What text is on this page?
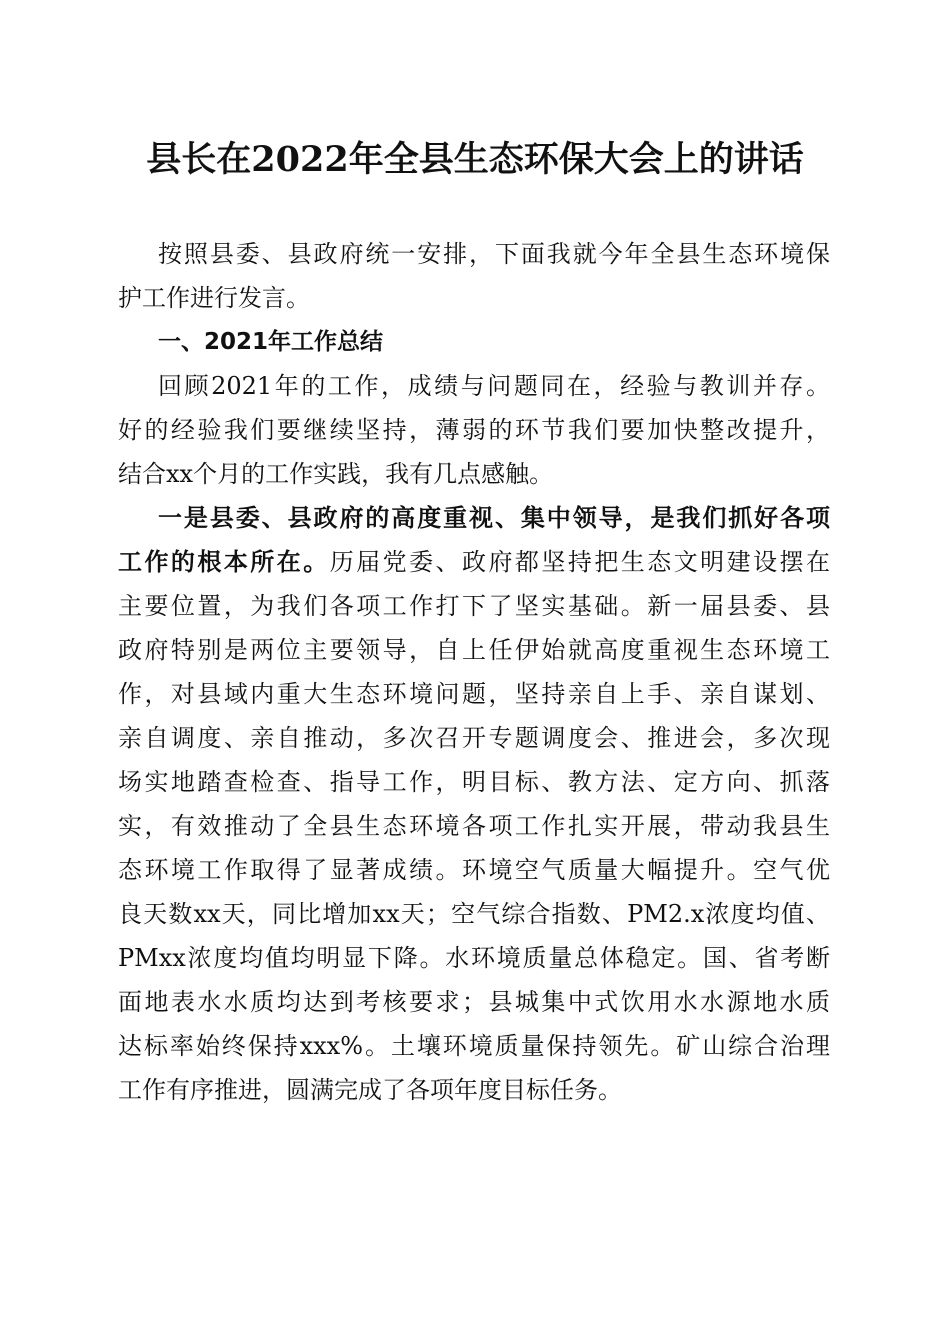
县长在2022年全县生态环保大会上的讲话
按照县委、县政府统一安排，下面我就今年全县生态环境保
护工作进行发言。
一、2021年工作总结
回顾2021年的工作，成绩与问题同在，经验与教训并存。
好的经验我们要继续坚持，薄弱的环节我们要加快整改提升，
结合xx个月的工作实践，我有几点感触。
一是县委、县政府的高度重视、集中领导，是我们抓好各项
工作的根本所在。历届党委、政府都坚持把生态文明建设摆在
主要位置，为我们各项工作打下了坚实基础。新一届县委、县
政府特别是两位主要领导，自上任伊始就高度重视生态环境工
作，对县域内重大生态环境问题，坚持亲自上手、亲自谋划、
亲自调度、亲自推动，多次召开专题调度会、推进会，多次现
场实地踏查检查、指导工作，明目标、教方法、定方向、抓落
实，有效推动了全县生态环境各项工作扎实开展，带动我县生
态环境工作取得了显著成绩。环境空气质量大幅提升。空气优
良天数xx天，同比增加xx天；空气综合指数、PM2.x浓度均值、
PMxx浓度均值均明显下降。水环境质量总体稳定。国、省考断
面地表水水质均达到考核要求；县城集中式饮用水水源地水质
达标率始终保持xxx%。土壤环境质量保持领先。矿山综合治理
工作有序推进，圆满完成了各项年度目标任务。
